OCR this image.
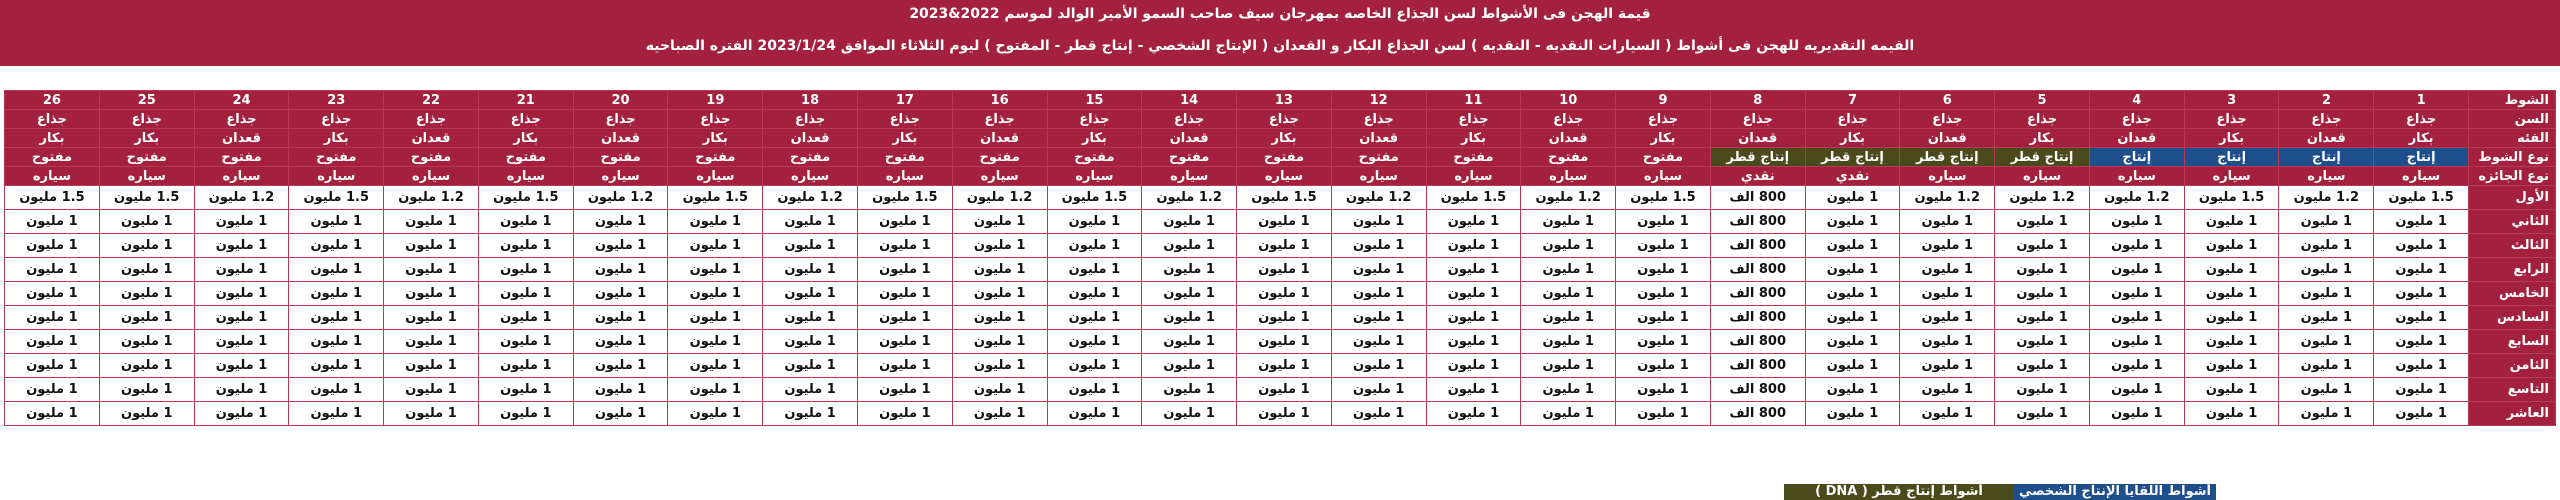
قيمة الهجن فى الأشواط لسن الجذاع الخاصه بمهرجان سيف صاحب السمو الأمير الوالد لموسم 2022&2023
القيمه التقديريه للهجن فى أشواط ( السيارات النقديه - النقديه ) لسن الجذاع البكار و القعدان ( الإنتاج الشخصي - إنتاج قطر - المفتوح ) ليوم الثلاثاء الموافق 2023/1/24 الفتره الصباحيه
الشوط	1	2	3	4	5	6	7	8	9	10	11	12	13	14	15	16	17	18	19	20	21	22	23	24	25	26
السن	جذاع	جذاع	جذاع	جذاع	جذاع	جذاع	جذاع	جذاع	جذاع	جذاع	جذاع	جذاع	جذاع	جذاع	جذاع	جذاع	جذاع	جذاع	جذاع	جذاع	جذاع	جذاع	جذاع	جذاع	جذاع	جذاع
الفئه	بكار	قعدان	بكار	قعدان	بكار	قعدان	بكار	قعدان	بكار	قعدان	بكار	قعدان	بكار	قعدان	بكار	قعدان	بكار	قعدان	بكار	قعدان	بكار	قعدان	بكار	قعدان	بكار	بكار
نوع الشوط	إنتاج	إنتاج	إنتاج	إنتاج	إنتاج قطر	إنتاج قطر	إنتاج قطر	إنتاج قطر	مفتوح	مفتوح	مفتوح	مفتوح	مفتوح	مفتوح	مفتوح	مفتوح	مفتوح	مفتوح	مفتوح	مفتوح	مفتوح	مفتوح	مفتوح	مفتوح	مفتوح	مفتوح
نوع الجائزه	سياره	سياره	سياره	سياره	سياره	سياره	نقدي	نقدي	سياره	سياره	سياره	سياره	سياره	سياره	سياره	سياره	سياره	سياره	سياره	سياره	سياره	سياره	سياره	سياره	سياره	سياره
الأول	1.5 مليون	1.2 مليون	1.5 مليون	1.2 مليون	1.2 مليون	1.2 مليون	1 مليون	800 الف	1.5 مليون	1.2 مليون	1.5 مليون	1.2 مليون	1.5 مليون	1.2 مليون	1.5 مليون	1.2 مليون	1.5 مليون	1.2 مليون	1.5 مليون	1.2 مليون	1.5 مليون	1.2 مليون	1.5 مليون	1.2 مليون	1.5 مليون	1.5 مليون
الثاني	1 مليون	1 مليون	1 مليون	1 مليون	1 مليون	1 مليون	1 مليون	800 الف	1 مليون	1 مليون	1 مليون	1 مليون	1 مليون	1 مليون	1 مليون	1 مليون	1 مليون	1 مليون	1 مليون	1 مليون	1 مليون	1 مليون	1 مليون	1 مليون	1 مليون	1 مليون
الثالث	1 مليون	1 مليون	1 مليون	1 مليون	1 مليون	1 مليون	1 مليون	800 الف	1 مليون	1 مليون	1 مليون	1 مليون	1 مليون	1 مليون	1 مليون	1 مليون	1 مليون	1 مليون	1 مليون	1 مليون	1 مليون	1 مليون	1 مليون	1 مليون	1 مليون	1 مليون
الرابع	1 مليون	1 مليون	1 مليون	1 مليون	1 مليون	1 مليون	1 مليون	800 الف	1 مليون	1 مليون	1 مليون	1 مليون	1 مليون	1 مليون	1 مليون	1 مليون	1 مليون	1 مليون	1 مليون	1 مليون	1 مليون	1 مليون	1 مليون	1 مليون	1 مليون	1 مليون
الخامس	1 مليون	1 مليون	1 مليون	1 مليون	1 مليون	1 مليون	1 مليون	800 الف	1 مليون	1 مليون	1 مليون	1 مليون	1 مليون	1 مليون	1 مليون	1 مليون	1 مليون	1 مليون	1 مليون	1 مليون	1 مليون	1 مليون	1 مليون	1 مليون	1 مليون	1 مليون
السادس	1 مليون	1 مليون	1 مليون	1 مليون	1 مليون	1 مليون	1 مليون	800 الف	1 مليون	1 مليون	1 مليون	1 مليون	1 مليون	1 مليون	1 مليون	1 مليون	1 مليون	1 مليون	1 مليون	1 مليون	1 مليون	1 مليون	1 مليون	1 مليون	1 مليون	1 مليون
السابع	1 مليون	1 مليون	1 مليون	1 مليون	1 مليون	1 مليون	1 مليون	800 الف	1 مليون	1 مليون	1 مليون	1 مليون	1 مليون	1 مليون	1 مليون	1 مليون	1 مليون	1 مليون	1 مليون	1 مليون	1 مليون	1 مليون	1 مليون	1 مليون	1 مليون	1 مليون
الثامن	1 مليون	1 مليون	1 مليون	1 مليون	1 مليون	1 مليون	1 مليون	800 الف	1 مليون	1 مليون	1 مليون	1 مليون	1 مليون	1 مليون	1 مليون	1 مليون	1 مليون	1 مليون	1 مليون	1 مليون	1 مليون	1 مليون	1 مليون	1 مليون	1 مليون	1 مليون
التاسع	1 مليون	1 مليون	1 مليون	1 مليون	1 مليون	1 مليون	1 مليون	800 الف	1 مليون	1 مليون	1 مليون	1 مليون	1 مليون	1 مليون	1 مليون	1 مليون	1 مليون	1 مليون	1 مليون	1 مليون	1 مليون	1 مليون	1 مليون	1 مليون	1 مليون	1 مليون
العاشر	1 مليون	1 مليون	1 مليون	1 مليون	1 مليون	1 مليون	1 مليون	800 الف	1 مليون	1 مليون	1 مليون	1 مليون	1 مليون	1 مليون	1 مليون	1 مليون	1 مليون	1 مليون	1 مليون	1 مليون	1 مليون	1 مليون	1 مليون	1 مليون	1 مليون	1 مليون
أشواط اللقايا الإنتاج الشخصي
أشواط إنتاج قطر ( DNA )
